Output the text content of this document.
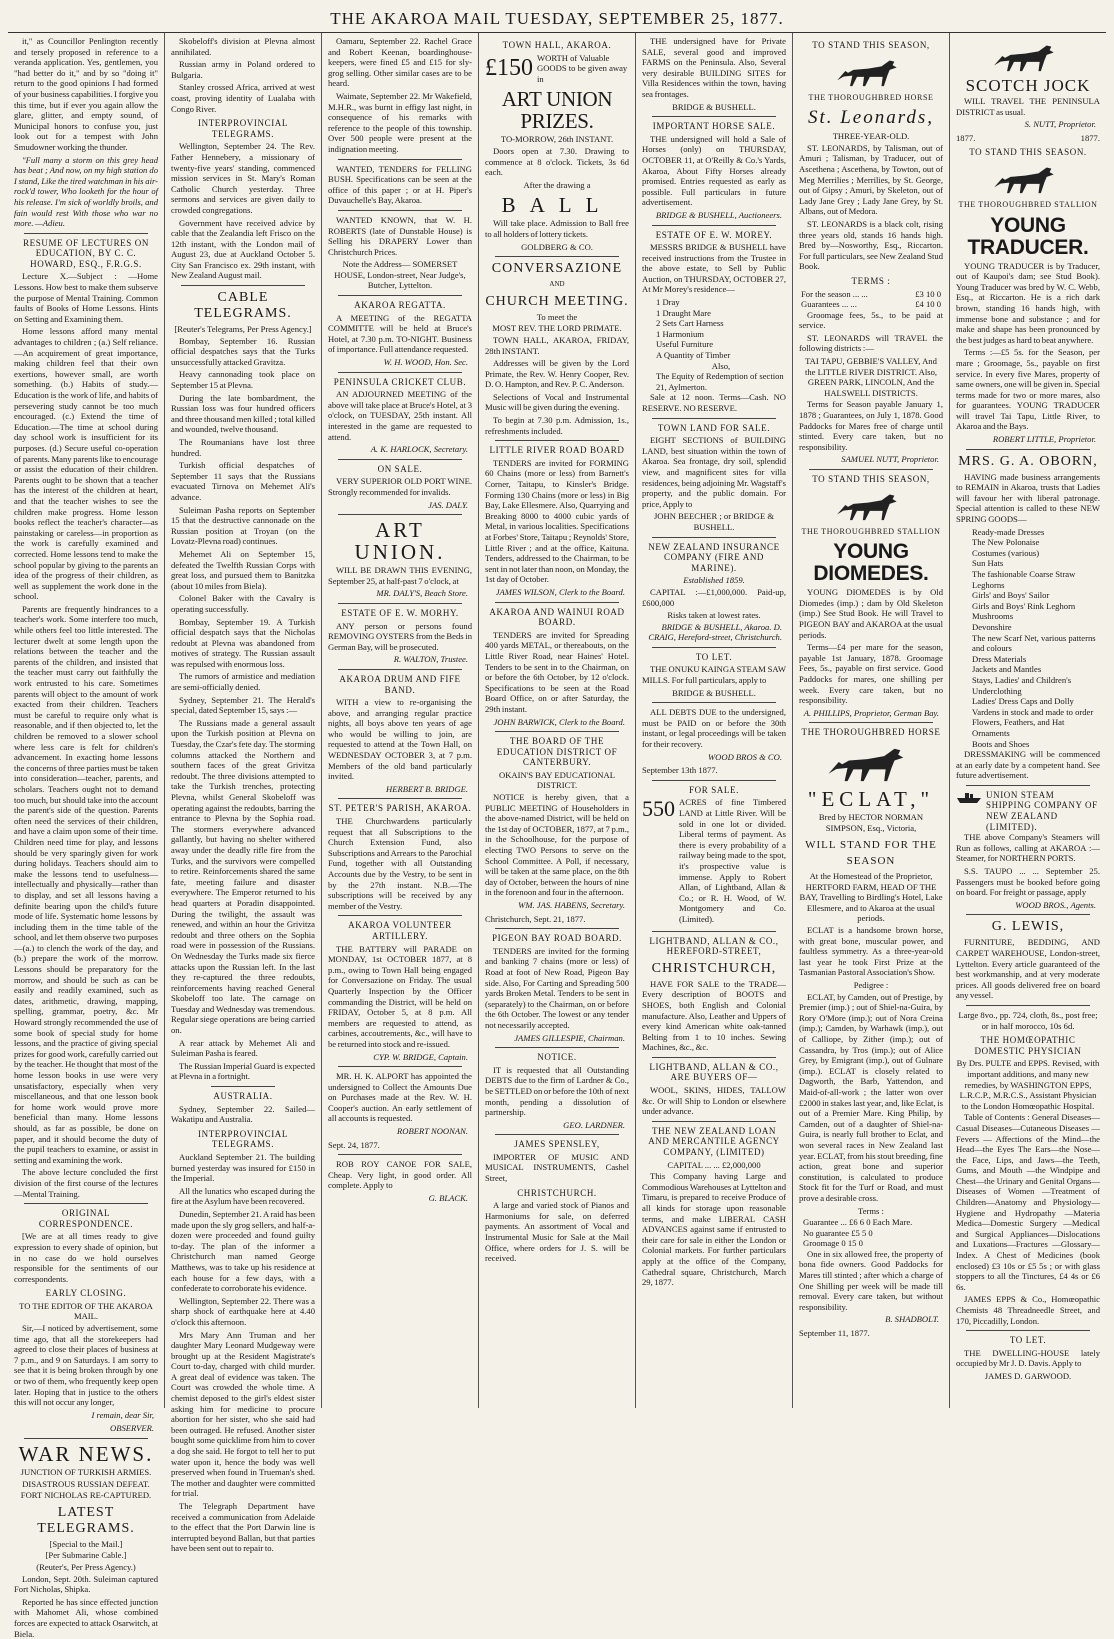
THE AKAROA MAIL TUESDAY, SEPTEMBER 25, 1877.

it," as Councillor Penlington recently and tersely proposed in reference to a veranda application. Yes, gentlemen, you "had better do it," and by so "doing it" return to the good opinions I had formed of your business capabilities. I forgive you this time, but if ever you again allow the glare, glitter, and empty sound, of Municipal honors to confuse you, just look out for a tempest with John Smudowner working the thunder.

"Full many a storm on this grey head has beat ; And now, on my high station do I stand, Like the tired watchman in his air-rock'd tower, Who looketh for the hour of his release. I'm sick of worldly broils, and fain would rest With those who war no more. —Adieu.

RESUME OF LECTURES ON EDUCATION, BY C. C. HOWARD, ESQ., F.R.G.S.

Lecture X.—Subject : —Home Lessons. How best to make them subserve the purpose of Mental Training. Common faults of Books of Home Lessons. Hints on Setting and Examining them.

Home lessons afford many mental advantages to children ; (a.) Self reliance.—An acquirement of great importance, making children feel that their own exertions, however small, are worth something. (b.) Habits of study.—Education is the work of life, and habits of persevering study cannot be too much encouraged. (c.) Extend the time of Education.—The time at school during day school work is insufficient for its purposes. (d.) Secure useful co-operation of parents. Many parents like to encourage or assist the education of their children. Parents ought to be shown that a teacher has the interest of the children at heart, and that the teacher wishes to see the children make progress. Home lesson books reflect the teacher's character—as painstaking or careless—in proportion as the work is carefully examined and corrected. Home lessons tend to make the school popular by giving to the parents an idea of the progress of their children, as well as supplement the work done in the school.

Parents are frequently hindrances to a teacher's work. Some interfere too much, while others feel too little interested. The lecturer dwelt at some length upon the relations between the teacher and the parents of the children, and insisted that the teacher must carry out faithfully the work entrusted to his care. Sometimes parents will object to the amount of work exacted from their children. Teachers must be careful to require only what is reasonable, and if then objected to, let the children be removed to a slower school where less care is felt for children's advancement. In exacting home lessons the concerns of three parties must be taken into consideration—teacher, parents, and scholars. Teachers ought not to demand too much, but should take into the account the parent's side of the question. Parents often need the services of their children, and have a claim upon some of their time. Children need time for play, and lessons should be very sparingly given for work during holidays. Teachers should aim to make the lessons tend to usefulness—intellectually and physically—rather than to display, and set all lessons having a definite bearing upon the child's future mode of life. Systematic home lessons by including them in the time table of the school, and let them observe two purposes—(a.) to clench the work of the day, and (b.) prepare the work of the morrow. Lessons should be preparatory for the morrow, and should be such as can be easily and readily examined, such as dates, arithmetic, drawing, mapping, spelling, grammar, poetry, &c. Mr Howard strongly recommended the use of some book of special study for home lessons, and the practice of giving special prizes for good work, carefully carried out by the teacher. He thought that most of the home lesson books in use were very unsatisfactory, especially when very miscellaneous, and that one lesson book for home work would prove more beneficial than many. Home lessons should, as far as possible, be done on paper, and it should become the duty of the pupil teachers to examine, or assist in setting and examining the work.

The above lecture concluded the first division of the first course of the lectures —Mental Training.

ORIGINAL CORRESPONDENCE.

[We are at all times ready to give expression to every shade of opinion, but in no case do we hold ourselves responsible for the sentiments of our correspondents.

EARLY CLOSING.
TO THE EDITOR OF THE AKAROA MAIL.

Sir,—I noticed by advertisement, some time ago, that all the storekeepers had agreed to close their places of business at 7 p.m., and 9 on Saturdays. I am sorry to see that it is being broken through by one or two of them, who frequently keep open later. Hoping that in justice to the others this will not occur any longer,

I remain, dear Sir,
OBSERVER.
WAR NEWS.
JUNCTION OF TURKISH ARMIES.
DISASTROUS RUSSIAN DEFEAT.
FORT NICHOLAS RE-CAPTURED.
LATEST TELEGRAMS.
[Special to the Mail.]
[Per Submarine Cable.]
(Reuter's, Per Press Agency.)

London, Sept. 20th. Suleiman captured Fort Nicholas, Shipka.

Reported he has since effected junction with Mahomet Ali, whose combined forces are expected to attack Osarwitch, at Biela.

Skobeloff's division at Plevna almost annihilated.

Russian army in Poland ordered to Bulgaria.

Stanley crossed Africa, arrived at west coast, proving identity of Lualaba with Congo River.

INTERPROVINCIAL TELEGRAMS.

Wellington, September 24. The Rev. Father Hennebery, a missionary of twenty-five years' standing, commenced mission services in St. Mary's Roman Catholic Church yesterday. Three sermons and services are given daily to crowded congregations.

Government have received advice by cable that the Zealandia left Frisco on the 12th instant, with the London mail of August 23, due at Auckland October 5. City San Francisco ex. 29th instant, with New Zealand August mail.

CABLE TELEGRAMS.
[Reuter's Telegrams, Per Press Agency.]

Bombay, September 16. Russian official despatches says that the Turks unsuccessfully attacked Gravitza.

Heavy cannonading took place on September 15 at Plevna.

During the late bombardment, the Russian loss was four hundred officers and three thousand men killed ; total killed and wounded, twelve thousand.

The Roumanians have lost three hundred.

Turkish official despatches of September 11 says that the Russians evacuated Tirnova on Mehemet Ali's advance.

Suleiman Pasha reports on September 15 that the destructive cannonade on the Russian position at Troyan (on the Lovatz-Plevna road) continues.

Mehemet Ali on September 15, defeated the Twelfth Russian Corps with great loss, and pursued them to Banitzka (about 10 miles from Biela).

Colonel Baker with the Cavalry is operating successfully.

Bombay, September 19. A Turkish official despatch says that the Nicholas redoubt at Plevna was abandoned from motives of strategy. The Russian assault was repulsed with enormous loss.

The rumors of armistice and mediation are semi-officially denied.

Sydney, September 21. The Herald's special, dated September 15, says :—

The Russians made a general assault upon the Turkish position at Plevna on Tuesday, the Czar's fete day. The storming columns attacked the Northern and southern faces of the great Grivitza redoubt. The three divisions attempted to take the Turkish trenches, protecting Plevna, whilst General Skobeloff was operating against the redoubts, barring the entrance to Plevna by the Sophia road. The stormers everywhere advanced gallantly, but having no shelter withered away under the deadly rifle fire from the Turks, and the survivors were compelled to retire. Reinforcements shared the same fate, meeting failure and disaster everywhere. The Emperor returned to his head quarters at Poradin disappointed. During the twilight, the assault was renewed, and within an hour the Grivitza redoubt and three others on the Sophia road were in possession of the Russians. On Wednesday the Turks made six fierce attacks upon the Russian left. In the last they re-captured the three redoubts, reinforcements having reached General Skobeloff too late. The carnage on Tuesday and Wednesday was tremendous. Regular siege operations are being carried on.

A rear attack by Mehemet Ali and Suleiman Pasha is feared.

The Russian Imperial Guard is expected at Plevna in a fortnight.

AUSTRALIA.

Sydney, September 22. Sailed—Wakatipu and Australia.

INTERPROVINCIAL TELEGRAMS.

Auckland September 21. The building burned yesterday was insured for £150 in the Imperial.

All the lunatics who escaped during the fire at the Asylum have been recovered.

Dunedin, September 21. A raid has been made upon the sly grog sellers, and half-a-dozen were proceeded and found guilty to-day. The plan of the informer a Christchurch man named George Matthews, was to take up his residence at each house for a few days, with a confederate to corroborate his evidence.

Wellington, September 22. There was a sharp shock of earthquake here at 4.40 o'clock this afternoon.

Mrs Mary Ann Truman and her daughter Mary Leonard Mudgeway were brought up at the Resident Magistrate's Court to-day, charged with child murder. A great deal of evidence was taken. The Court was crowded the whole time. A chemist deposed to the girl's eldest sister asking him for medicine to procure abortion for her sister, who she said had been outraged. He refused. Another sister bought some quicklime from him to cover a dog she said. He forgot to tell her to put water upon it, hence the body was well preserved when found in Trueman's shed. The mother and daughter were committed for trial.

The Telegraph Department have received a communication from Adelaide to the effect that the Port Darwin line is interrupted beyond Ballan, but that parties have been sent out to repair to.

Oamaru, September 22. Rachel Grace and Robert Keenan, boardinghouse-keepers, were fined £5 and £15 for sly-grog selling. Other similar cases are to be heard.

Waimate, September 22. Mr Wakefield, M.H.R., was burnt in effigy last night, in consequence of his remarks with reference to the people of this township. Over 500 people were present at the indignation meeting.

WANTED, TENDERS for FELLING BUSH. Specifications can be seen at the office of this paper ; or at H. Piper's Duvauchelle's Bay, Akaroa.

WANTED KNOWN, that W. H. ROBERTS (late of Dunstable House) is Selling his DRAPERY Lower than Christchurch Prices.

Note the Address— SOMERSET HOUSE, London-street, Near Judge's, Butcher, Lyttelton.

AKAROA REGATTA.

A MEETING of the REGATTA COMMITTE will be held at Bruce's Hotel, at 7.30 p.m. TO-NIGHT. Business of importance. Full attendance requested.

W. H. WOOD, Hon. Sec.
PENINSULA CRICKET CLUB.

AN ADJOURNED MEETING of the above will take place at Bruce's Hotel, at 3 o'clock, on TUESDAY, 25th instant. All interested in the game are requested to attend.

A. K. HARLOCK, Secretary.
ON SALE.

VERY SUPERIOR OLD PORT WINE. Strongly recommended for invalids.

JAS. DALY.
ART UNION.

WILL BE DRAWN THIS EVENING, September 25, at half-past 7 o'clock, at

MR. DALY'S, Beach Store.
ESTATE OF E. W. MORHY.

ANY person or persons found REMOVING OYSTERS from the Beds in German Bay, will be prosecuted.

R. WALTON, Trustee.
AKAROA DRUM AND FIFE BAND.

WITH a view to re-organising the above, and arranging regular practice nights, all boys above ten years of age who would be willing to join, are requested to attend at the Town Hall, on WEDNESDAY OCTOBER 3, at 7 p.m. Members of the old band particularly invited.

HERBERT B. BRIDGE.
ST. PETER'S PARISH, AKAROA.

THE Churchwardens particularly request that all Subscriptions to the Church Extension Fund, also Subscriptions and Arrears to the Parochial Fund, together with all Outstanding Accounts due by the Vestry, to be sent in by the 27th instant. N.B.—The subscriptions will be received by any member of the Vestry.

AKAROA VOLUNTEER ARTILLERY.

THE BATTERY will PARADE on MONDAY, 1st OCTOBER 1877, at 8 p.m., owing to Town Hall being engaged for Conversazione on Friday. The usual Quarterly Inspection by the Officer commanding the District, will be held on FRIDAY, October 5, at 8 p.m. All members are requested to attend, as carbines, accoutrements, &c., will have to be returned into stock and re-issued.

CYP. W. BRIDGE, Captain.

MR. H. K. ALPORT has appointed the undersigned to Collect the Amounts Due on Purchases made at the Rev. W. H. Cooper's auction. An early settlement of all accounts is requested.

ROBERT NOONAN.
Sept. 24, 1877.

ROB ROY CANOE FOR SALE, Cheap. Very light, in good order. All complete. Apply to

G. BLACK.
TOWN HALL, AKAROA.
£150 WORTH of Valuable GOODS to be given away in
ART UNION PRIZES.
TO-MORROW, 26th INSTANT.

Doors open at 7.30. Drawing to commence at 8 o'clock. Tickets, 3s 6d each.

After the drawing a
BALL

Will take place. Admission to Ball free to all holders of lottery tickets.

GOLDBERG & CO.
CONVERSAZIONE
AND
CHURCH MEETING.
To meet the
MOST REV. THE LORD PRIMATE.

TOWN HALL, AKAROA, FRIDAY, 28th INSTANT.

Addresses will be given by the Lord Primate, the Rev. W. Henry Cooper, Rev. D. O. Hampton, and Rev. P. C. Anderson.

Selections of Vocal and Instrumental Music will be given during the evening.

To begin at 7.30 p.m. Admission, 1s., refreshments included.

LITTLE RIVER ROAD BOARD

TENDERS are invited for FORMING 60 Chains (more or less) from Barnett's Corner, Taitapu, to Kinsler's Bridge. Forming 130 Chains (more or less) in Big Bay, Lake Ellesmere. Also, Quarrying and Breaking 8000 to 4000 cubic yards of Metal, in various localities. Specifications at Forbes' Store, Taitapu ; Reynolds' Store, Little River ; and at the office, Kaituna. Tenders, addressed to the Chairman, to be sent in not later than noon, on Monday, the 1st day of October.

JAMES WILSON, Clerk to the Board.
AKAROA AND WAINUI ROAD BOARD.

TENDERS are invited for Spreading 400 yards METAL, or thereabouts, on the Little River Road, near Haines' Hotel. Tenders to be sent in to the Chairman, on or before the 6th October, by 12 o'clock. Specifications to be seen at the Road Board Office, on or after Saturday, the 29th instant.

JOHN BARWICK, Clerk to the Board.
THE BOARD OF THE EDUCATION DISTRICT OF CANTERBURY.
OKAIN'S BAY EDUCATIONAL DISTRICT.

NOTICE is hereby given, that a PUBLIC MEETING of Householders in the above-named District, will be held on the 1st day of OCTOBER, 1877, at 7 p.m., in the Schoolhouse, for the purpose of electing TWO Persons to serve on the School Committee. A Poll, if necessary, will be taken at the same place, on the 8th day of October, between the hours of nine in the forenoon and four in the afternoon.

WM. JAS. HABENS, Secretary.
Christchurch, Sept. 21, 1877.
PIGEON BAY ROAD BOARD.

TENDERS are invited for the forming and banking 7 chains (more or less) of Road at foot of New Road, Pigeon Bay side. Also, For Carting and Spreading 500 yards Broken Metal. Tenders to be sent in (separately) to the Chairman, on or before the 6th October. The lowest or any tender not necessarily accepted.

JAMES GILLESPIE, Chairman.
NOTICE.

IT is requested that all Outstanding DEBTS due to the firm of Lardner & Co., be SETTLED on or before the 10th of next month, pending a dissolution of partnership.

GEO. LARDNER.
JAMES SPENSLEY,

IMPORTER OF MUSIC AND MUSICAL INSTRUMENTS, Cashel Street,

CHRISTCHURCH.

A large and varied stock of Pianos and Harmoniums for sale, on deferred payments. An assortment of Vocal and Instrumental Music for Sale at the Mail Office, where orders for J. S. will be received.

THE undersigned have for Private SALE, several good and improved FARMS on the Peninsula. Also, Several very desirable BUILDING SITES for Villa Residences within the town, having sea frontages.

BRIDGE & BUSHELL.
IMPORTANT HORSE SALE.

THE undersigned will hold a Sale of Horses (only) on THURSDAY, OCTOBER 11, at O'Reilly & Co.'s Yards, Akaroa, About Fifty Horses already promised. Entries requested as early as possible. Full particulars in future advertisement.

BRIDGE & BUSHELL, Auctioneers.
ESTATE OF E. W. MOREY.

MESSRS BRIDGE & BUSHELL have received instructions from the Trustee in the above estate, to Sell by Public Auction, on THURSDAY, OCTOBER 27, At Mr Morey's residence—

1 Dray
1 Draught Mare
2 Sets Cart Harness
1 Harmonium
Useful Furniture
A Quantity of Timber
Also,
The Equity of Redemption of section 21, Aylmerton.

Sale at 12 noon. Terms—Cash. NO RESERVE. NO RESERVE.

TOWN LAND FOR SALE.

EIGHT SECTIONS of BUILDING LAND, best situation within the town of Akaroa. Sea frontage, dry soil, splendid view, and magnificent sites for villa residences, being adjoining Mr. Wagstaff's property, and the public domain. For price, Apply to

JOHN BEECHER ; or BRIDGE & BUSHELL.
NEW ZEALAND INSURANCE COMPANY (FIRE AND MARINE).
Established 1859.

CAPITAL :—£1,000,000. Paid-up, £600,000

Risks taken at lowest rates.
BRIDGE & BUSHELL, Akaroa. D. CRAIG, Hereford-street, Christchurch.
TO LET.

THE ONUKU KAINGA STEAM SAW MILLS. For full particulars, apply to

BRIDGE & BUSHELL.

ALL DEBTS DUE to the undersigned, must be PAID on or before the 30th instant, or legal proceedings will be taken for their recovery.

WOOD BROS & CO.
September 13th 1877.
FOR SALE.
550 ACRES of fine Timbered LAND at Little River. Will be sold in one lot or divided. Liberal terms of payment. As there is every probability of a railway being made to the spot, it's prospective value is immense. Apply to Robert Allan, of Lightband, Allan & Co.; or R. H. Wood, of W. Montgomery and Co. (Limited).
LIGHTBAND, ALLAN & CO., HEREFORD-STREET,
CHRISTCHURCH,

HAVE FOR SALE to the TRADE— Every description of BOOTS and SHOES, both English and Colonial manufacture. Also, Leather and Uppers of every kind American white oak-tanned Belting from 1 to 10 inches. Sewing Machines, &c., &c.

LIGHTBAND, ALLAN & CO., ARE BUYERS OF—

WOOL, SKINS, HIDES, TALLOW &c. Or will Ship to London or elsewhere under advance.

THE NEW ZEALAND LOAN AND MERCANTILE AGENCY COMPANY, (LIMITED)
CAPITAL ... ... £2,000,000

This Company having Large and Commodious Warehouses at Lyttelton and Timaru, is prepared to receive Produce of all kinds for storage upon reasonable terms, and make LIBERAL CASH ADVANCES against same if entrusted to their care for sale in either the London or Colonial markets. For further particulars apply at the office of the Company, Cathedral square, Christchurch, March 29, 1877.

TO STAND THIS SEASON,
THE THOROUGHBRED HORSE
St. Leonards,
THREE-YEAR-OLD.

ST. LEONARDS, by Talisman, out of Amuri ; Talisman, by Traducer, out of Ascethena ; Ascethena, by Towton, out of Meg Merrilies ; Merrilies, by St. George, out of Gipsy ; Amuri, by Skeleton, out of Lady Jane Grey ; Lady Jane Grey, by St. Albans, out of Medora.

ST. LEONARDS is a black colt, rising three years old, stands 16 hands high. Bred by—Nosworthy, Esq., Riccarton. For full particulars, see New Zealand Stud Book.

TERMS :
For the season ... ...	£3 10 0
Guarantees ... ...	£4 10 0

Groomage fees, 5s., to be paid at service.

ST. LEONARDS will TRAVEL the following districts :—

TAI TAPU, GEBBIE'S VALLEY, And the LITTLE RIVER DISTRICT. Also, GREEN PARK, LINCOLN, And the HALSWELL DISTRICTS.

Terms for Season payable January 1, 1878 ; Guarantees, on July 1, 1878. Good Paddocks for Mares free of charge until stinted. Every care taken, but no responsibility.

SAMUEL NUTT, Proprietor.
TO STAND THIS SEASON,
THE THOROUGHBRED STALLION
YOUNG DIOMEDES.

YOUNG DIOMEDES is by Old Diomedes (imp.) ; dam by Old Skeleton (imp.) See Stud Book. He will Travel to PIGEON BAY and AKAROA at the usual periods.

Terms—£4 per mare for the season, payable 1st January, 1878. Groomage Fees, 5s., payable on first service. Good Paddocks for mares, one shilling per week. Every care taken, but no responsibility.

A. PHILLIPS, Proprietor, German Bay.
THE THOROUGHBRED HORSE
"ECLAT,"

Bred by HECTOR NORMAN SIMPSON, Esq., Victoria,

WILL STAND FOR THE SEASON

At the Homestead of the Proprietor, HERTFORD FARM, HEAD OF THE BAY, Travelling to Birdling's Hotel, Lake Ellesmere, and to Akaroa at the usual periods.

ECLAT is a handsome brown horse, with great bone, muscular power, and faultless symmetry. As a three-year-old last year he took First Prize at the Tasmanian Pastoral Association's Show.

Pedigree :

ECLAT, by Camden, out of Prestige, by Premier (imp.) ; out of Shiel-na-Guira, by Rory O'More (imp.); out of Nora Creina (imp.); Camden, by Warhawk (imp.), out of Calliope, by Zither (imp.); out of Cassandra, by Tros (imp.); out of Alice Grey, by Emigrant (imp.), out of Gulnare (imp.). ECLAT is closely related to Dagworth, the Barb, Yattendon, and Maid-of-all-work ; the latter won over £2000 in stakes last year, and, like Eclat, is out of a Premier Mare. King Philip, by Camden, out of a daughter of Shiel-na-Guira, is nearly full brother to Eclat, and won several races in New Zealand last year. ECLAT, from his stout breeding, fine action, great bone and superior constitution, is calculated to produce Stock fit for the Turf or Road, and must prove a desirable cross.

Terms :
Guarantee ... £6 6 0 Each Mare.
No guarantee £5 5 0
Groomage 0 15 0

One in six allowed free, the property of bona fide owners. Good Paddocks for Mares till stinted ; after which a charge of One Shilling per week will be made till removal. Every care taken, but without responsibility.

B. SHADBOLT.
September 11, 1877.
SCOTCH JOCK

WILL TRAVEL THE PENINSULA DISTRICT as usual.

S. NUTT, Proprietor.
1877.	1877.
TO STAND THIS SEASON.
THE THOROUGHBRED STALLION
YOUNG TRADUCER.

YOUNG TRADUCER is by Traducer, out of Kaupoi's dam; see Stud Book). Young Traducer was bred by W. C. Webb, Esq., at Riccarton. He is a rich dark brown, standing 16 hands high, with immense bone and substance ; and for make and shape has been pronounced by the best judges as hard to beat anywhere.

Terms :—£5 5s. for the Season, per mare ; Groomage, 5s., payable on first service. In every five Mares, property of same owners, one will be given in. Special terms made for two or more mares, also for guarantees. YOUNG TRADUCER will travel Tai Tapu, Little River, to Akaroa and the Bays.

ROBERT LITTLE, Proprietor.
MRS. G. A. OBORN,

HAVING made business arrangements to REMAIN in Akaroa, trusts that Ladies will favour her with liberal patronage. Special attention is called to these NEW SPRING GOODS—

Ready-made Dresses
The New Polonaise
Costumes (various)
Sun Hats
The fashionable Coarse Straw
Leghorns
Girls' and Boys' Sailor
Girls and Boys' Rink Leghorn
Mushrooms
Devonshire
The new Scarf Net, various patterns and colours
Dress Materials
Jackets and Mantles
Stays, Ladies' and Children's Underclothing
Ladies' Dress Caps and Dolly Vardens in stock and made to order
Flowers, Feathers, and Hat Ornaments
Boots and Shoes

DRESSMAKING will be commenced at an early date by a competent hand. See future advertisement.

UNION STEAM SHIPPING COMPANY OF NEW ZEALAND (LIMITED).

THE above Company's Steamers will Run as follows, calling at AKAROA :— Steamer, for NORTHERN PORTS.

S.S. TAUPO ... ... September 25. Passengers must be booked before going on board. For freight or passage, apply

WOOD BROS., Agents.
G. LEWIS,

FURNITURE, BEDDING, AND CARPET WAREHOUSE, London-street, Lyttelton. Every article guaranteed of the best workmanship, and at very moderate prices. All goods delivered free on board any vessel.

Large 8vo., pp. 724, cloth, 8s., post free; or in half morocco, 10s 6d.

THE HOMŒOPATHIC DOMESTIC PHYSICIAN

By Drs. PULTE and EPPS. Revised, with important additions, and many new remedies, by WASHINGTON EPPS, L.R.C.P., M.R.C.S., Assistant Physician to the London Homœopathic Hospital.

Table of Contents : General Diseases—Casual Diseases—Cutaneous Diseases — Fevers — Affections of the Mind—the Head—the Eyes The Ears—the Nose—the Face, Lips, and Jaws—the Teeth, Gums, and Mouth —the Windpipe and Chest—the Urinary and Genital Organs—Diseases of Women —Treatment of Children—Anatomy and Physiology—Hygiene and Hydropathy —Materia Medica—Domestic Surgery —Medical and Surgical Appliances—Dislocations and Luxations—Fractures —Glossary—Index. A Chest of Medicines (book enclosed) £3 10s or £5 5s ; or with glass stoppers to all the Tinctures, £4 4s or £6 6s.

JAMES EPPS & Co., Homœopathic Chemists 48 Threadneedle Street, and 170, Piccadilly, London.

TO LET.

THE DWELLING-HOUSE lately occupied by Mr J. D. Davis. Apply to

JAMES D. GARWOOD.
